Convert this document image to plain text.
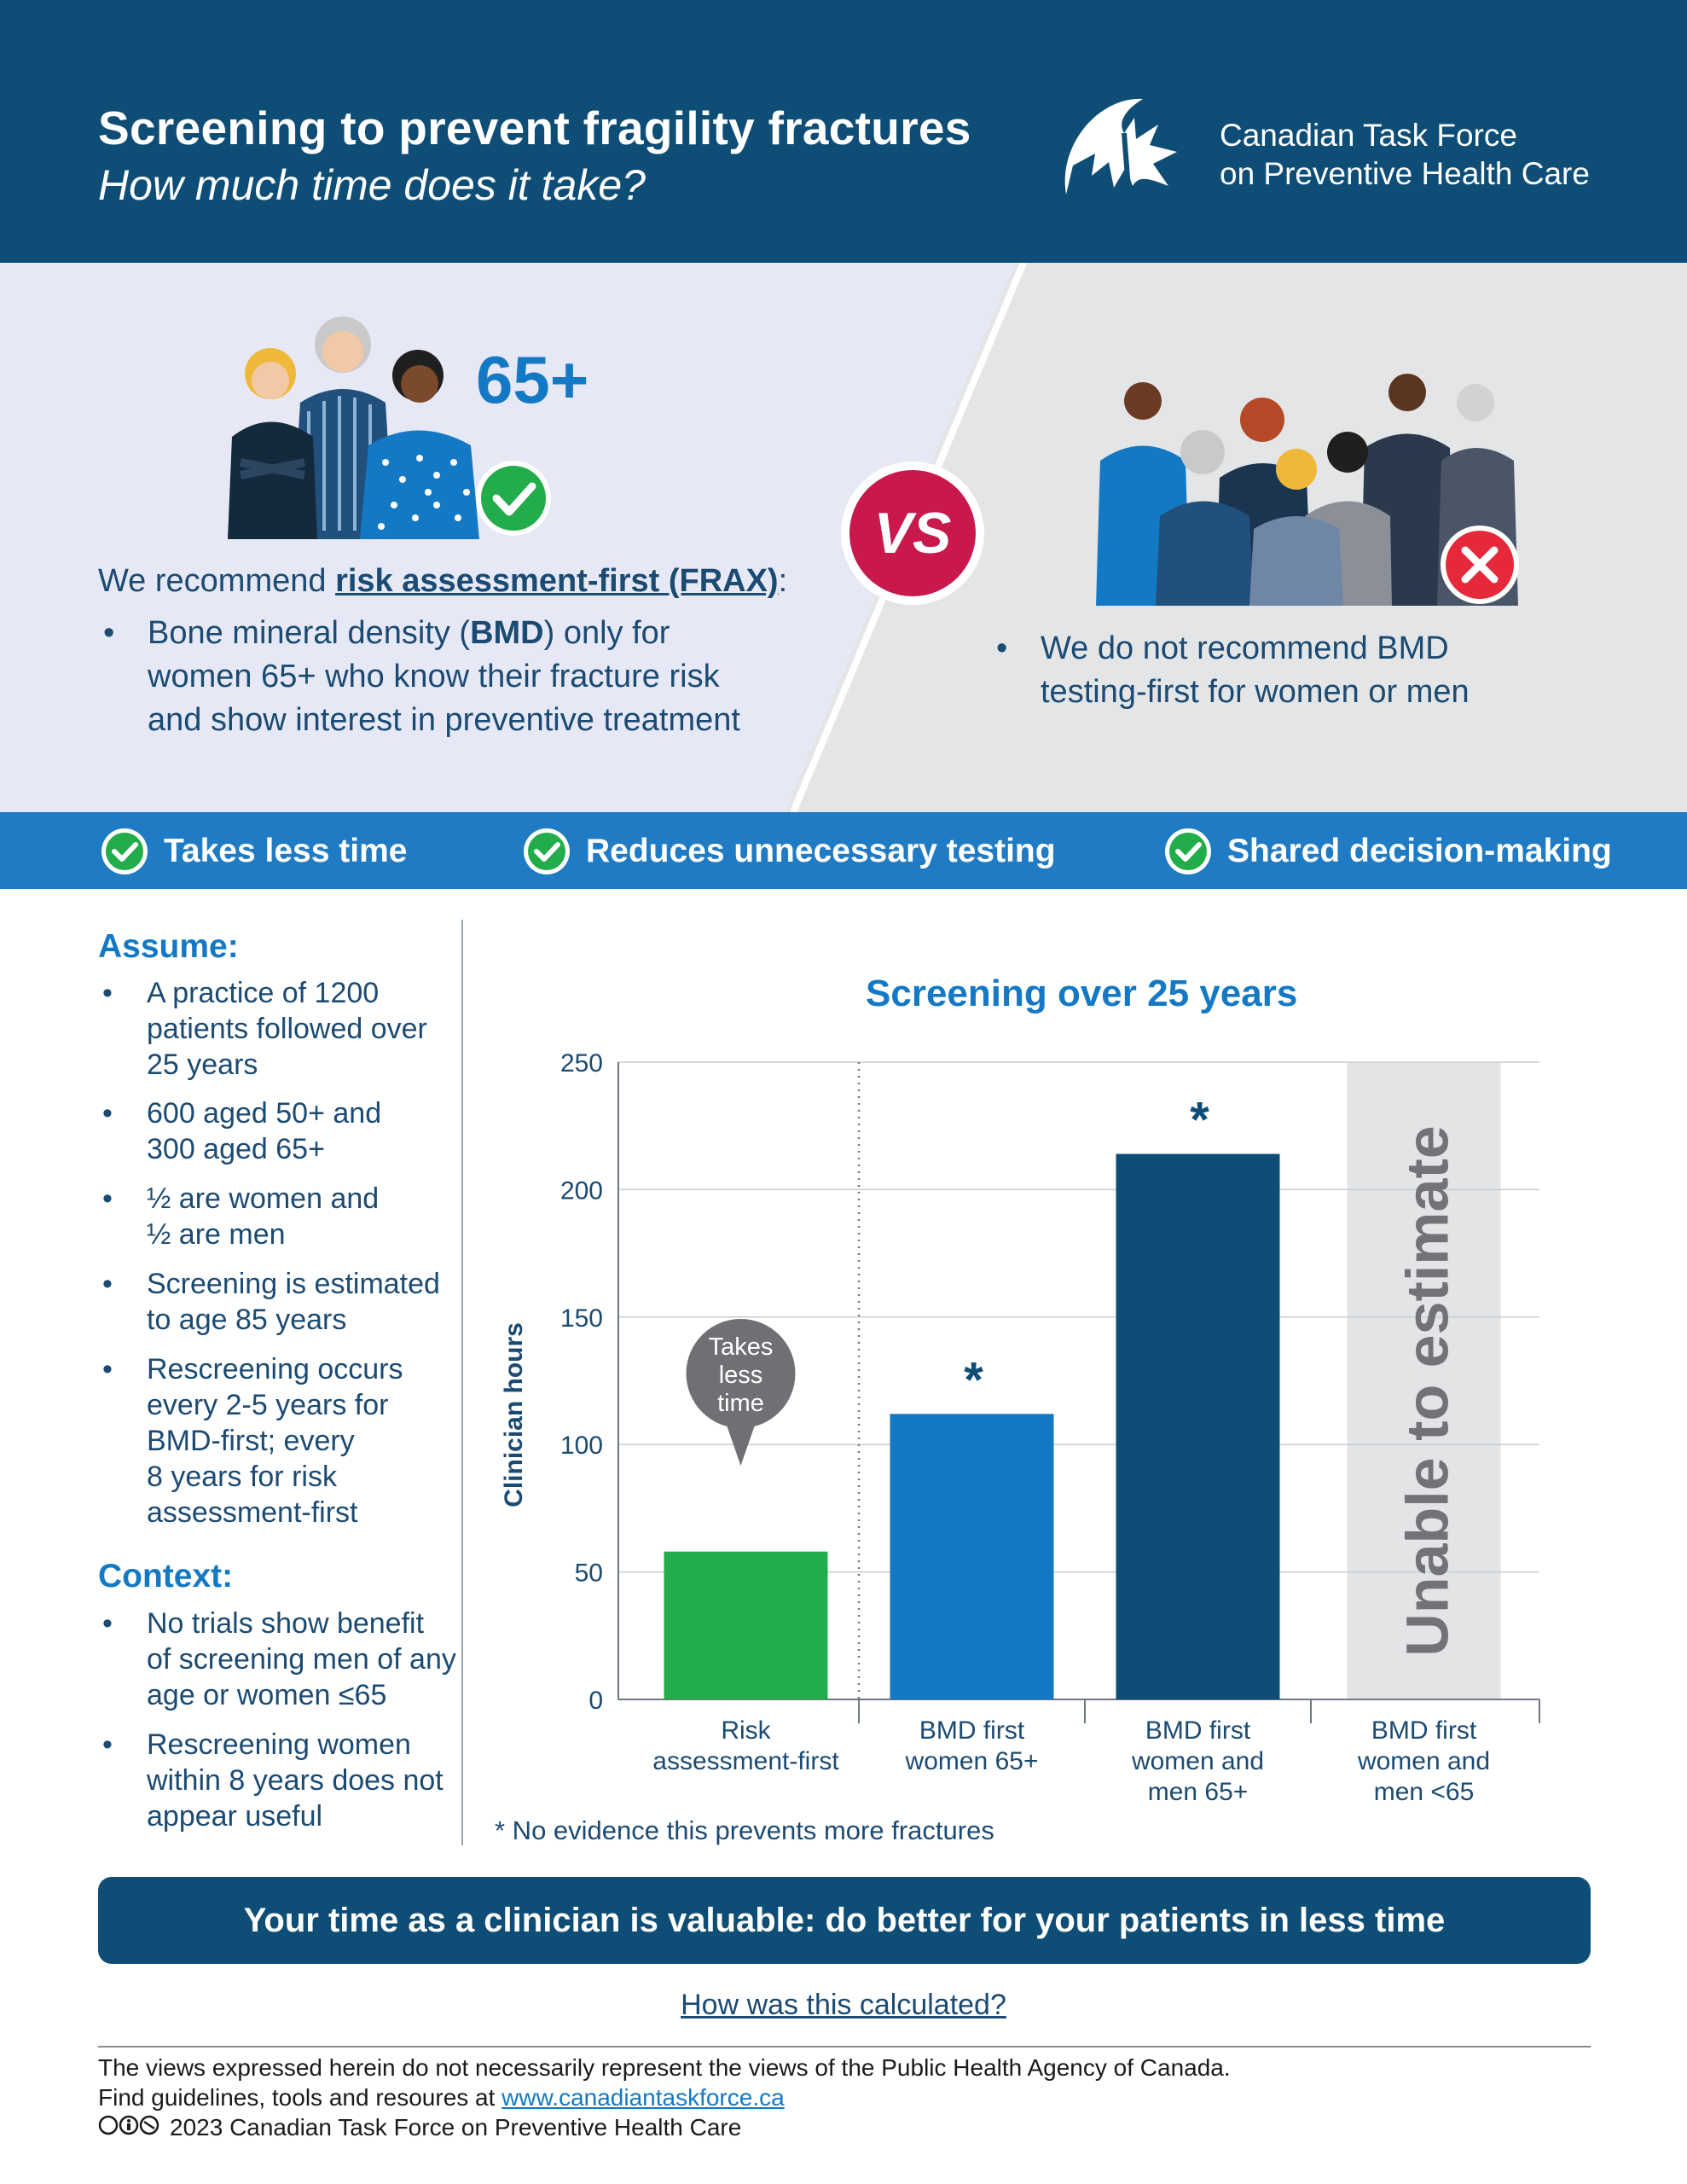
Screening to prevent fragility fractures
How much time does it take?
Canadian Task Force
on Preventive Health Care
65+
VS
We recommend risk assessment-first (FRAX):
• Bone mineral density (BMD) only for
women 65+ who know their fracture risk
and show interest in preventive treatment
• We do not recommend BMD
testing-first for women or men
Takes less time	Reduces unnecessary testing	Shared decision-making
Assume:
• A practice of 1200
patients followed over
25 years
• 600 aged 50+ and
300 aged 65+
• ½ are women and
½ are men
• Screening is estimated
to age 85 years
• Rescreening occurs
every 2-5 years for
BMD-first; every
8 years for risk
assessment-first
Context:
• No trials show benefit
of screening men of any
age or women ≤65
• Rescreening women
within 8 years does not
appear useful
Screening over 25 years
0
50
100
150
200
250
Clinician hours
Risk
assessment-first
*
BMD first
women 65+
*
BMD first
women and
men 65+
Unable to estimate
BMD first
women and
men <65
Takes
less
time
* No evidence this prevents more fractures
Your time as a clinician is valuable: do better for your patients in less time
How was this calculated?
The views expressed herein do not necessarily represent the views of the Public Health Agency of Canada.
Find guidelines, tools and resoures at www.canadiantaskforce.ca
2023 Canadian Task Force on Preventive Health Care
